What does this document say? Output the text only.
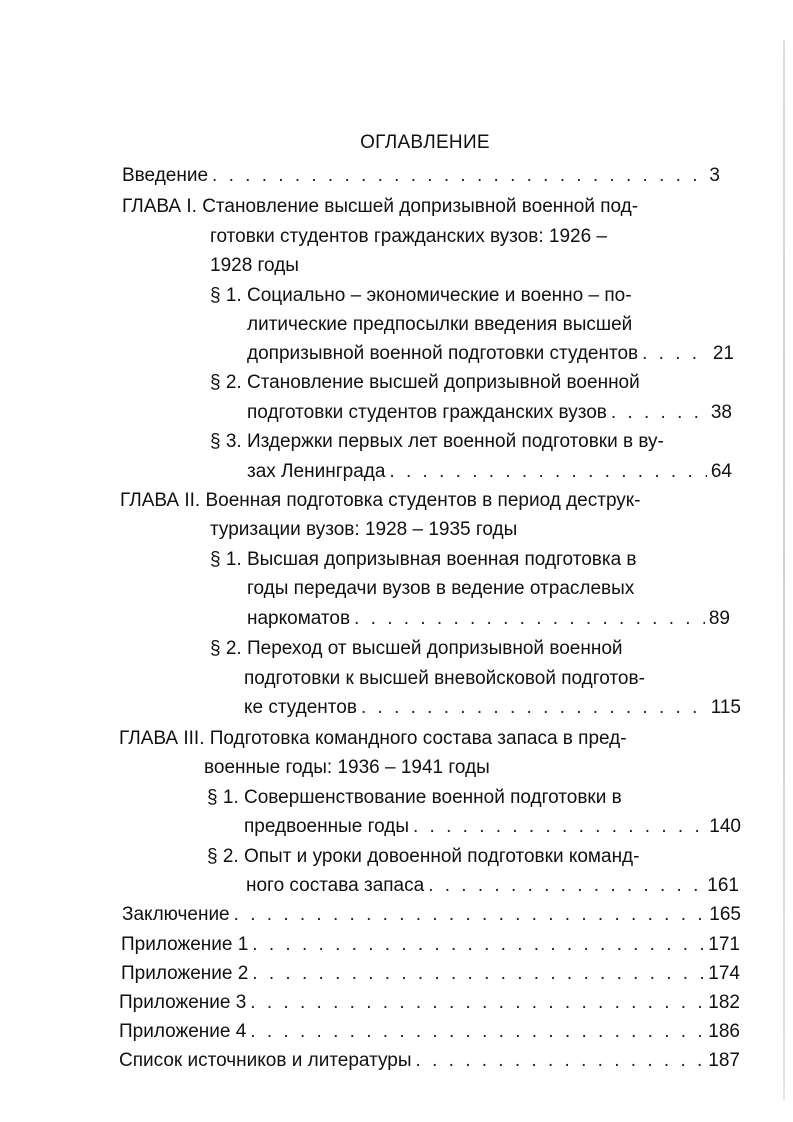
ОГЛАВЛЕНИЕ
Введение . . .	3
ГЛАВА I. Становление высшей допризывной военной под-
готовки студентов гражданских вузов: 1926 –
1928 годы
§ 1. Социально – экономические и военно – по-
литические предпосылки введения высшей
допризывной военной подготовки студентов . . .	21
§ 2. Становление высшей допризывной военной
подготовки студентов гражданских вузов . . .	38
§ 3. Издержки первых лет военной подготовки в ву-
зах Ленинграда . . .	64
ГЛАВА II. Военная подготовка студентов в период деструк-
туризации вузов: 1928 – 1935 годы
§ 1. Высшая допризывная военная подготовка в
годы передачи вузов в ведение отраслевых
наркоматов . . .	89
§ 2. Переход от высшей допризывной военной
подготовки к высшей вневойсковой подготов-
ке студентов . . .	115
ГЛАВА III. Подготовка командного состава запаса в пред-
военные годы: 1936 – 1941 годы
§ 1. Совершенствование военной подготовки в
предвоенные годы . . .	140
§ 2. Опыт и уроки довоенной подготовки команд-
ного состава запаса . . .	161
Заключение . . .	165
Приложение 1 . . .	171
Приложение 2 . . .	174
Приложение 3 . . .	182
Приложение 4 . . .	186
Список источников и литературы . . .	187
